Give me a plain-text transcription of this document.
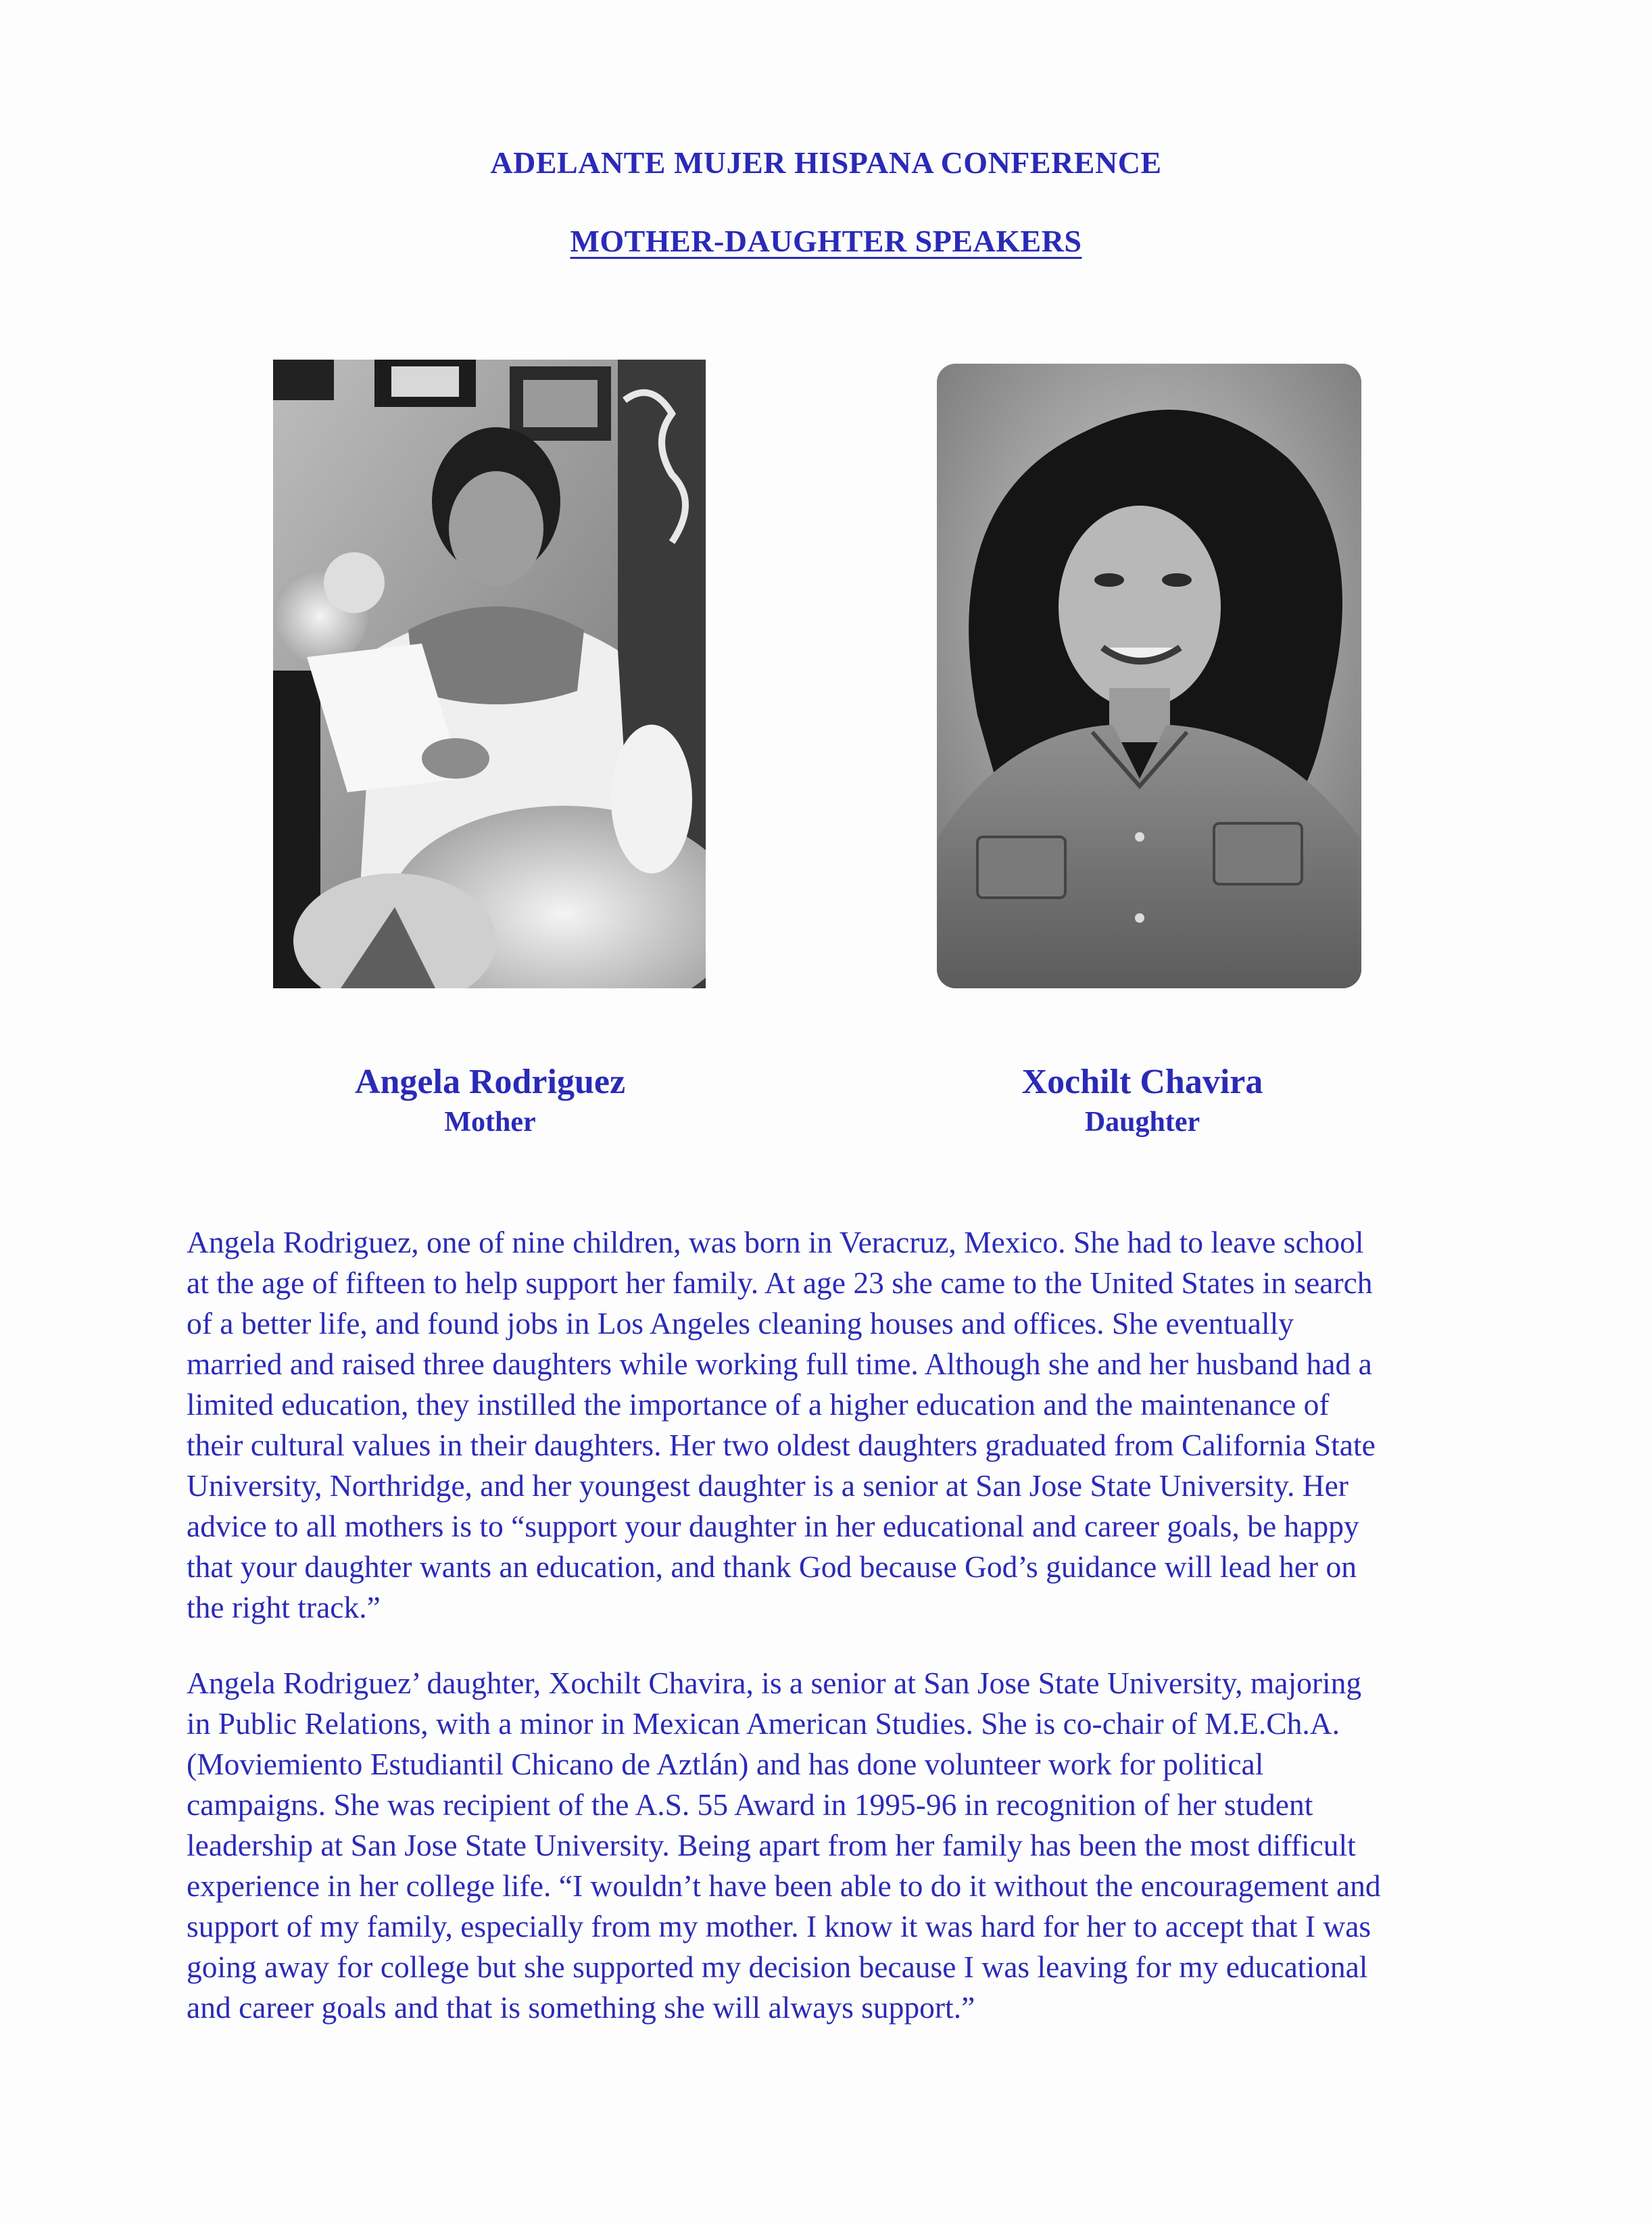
ADELANTE MUJER HISPANA CONFERENCE
MOTHER-DAUGHTER SPEAKERS
Angela Rodriguez
Mother
Xochilt Chavira
Daughter

Angela Rodriguez, one of nine children, was born in Veracruz, Mexico. She had to leave school
at the age of fifteen to help support her family. At age 23 she came to the United States in search
of a better life, and found jobs in Los Angeles cleaning houses and offices. She eventually
married and raised three daughters while working full time. Although she and her husband had a
limited education, they instilled the importance of a higher education and the maintenance of
their cultural values in their daughters. Her two oldest daughters graduated from California State
University, Northridge, and her youngest daughter is a senior at San Jose State University. Her
advice to all mothers is to “support your daughter in her educational and career goals, be happy
that your daughter wants an education, and thank God because God’s guidance will lead her on
the right track.”

Angela Rodriguez’ daughter, Xochilt Chavira, is a senior at San Jose State University, majoring
in Public Relations, with a minor in Mexican American Studies. She is co-chair of M.E.Ch.A.
(Moviemiento Estudiantil Chicano de Aztlán) and has done volunteer work for political
campaigns. She was recipient of the A.S. 55 Award in 1995-96 in recognition of her student
leadership at San Jose State University. Being apart from her family has been the most difficult
experience in her college life. “I wouldn’t have been able to do it without the encouragement and
support of my family, especially from my mother. I know it was hard for her to accept that I was
going away for college but she supported my decision because I was leaving for my educational
and career goals and that is something she will always support.”
